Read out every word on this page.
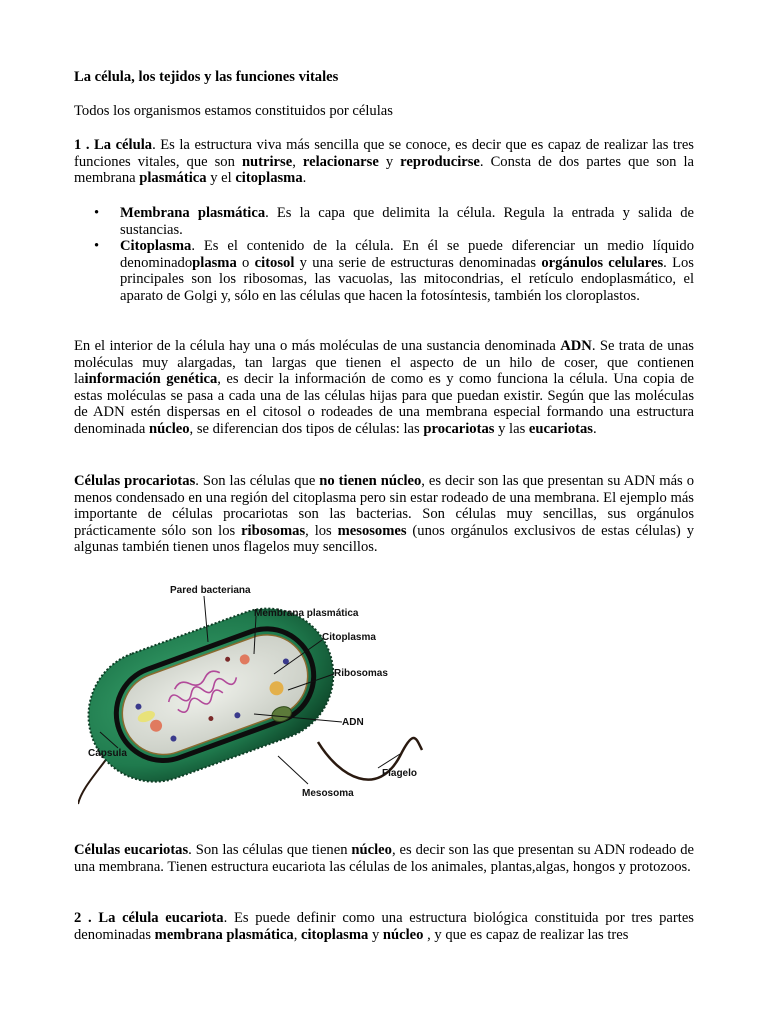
La célula, los tejidos y las funciones vitales

Todos los organismos estamos constituidos por células

1 . La célula. Es la estructura viva más sencilla que se conoce, es decir que es capaz de realizar las tres funciones vitales, que son nutrirse, relacionarse y reproducirse. Consta de dos partes que son la membrana plasmática y el citoplasma.

• Membrana plasmática. Es la capa que delimita la célula. Regula la entrada y salida de sustancias.
• Citoplasma. Es el contenido de la célula. En él se puede diferenciar un medio líquido denominadoplasma o citosol y una serie de estructuras denominadas orgánulos celulares. Los principales son los ribosomas, las vacuolas, las mitocondrias, el retículo endoplasmático, el aparato de Golgi y, sólo en las células que hacen la fotosíntesis, también los cloroplastos.

En el interior de la célula hay una o más moléculas de una sustancia denominada ADN. Se trata de unas moléculas muy alargadas, tan largas que tienen el aspecto de un hilo de coser, que contienen lainformación genética, es decir la información de como es y como funciona la célula. Una copia de estas moléculas se pasa a cada una de las células hijas para que puedan existir. Según que las moléculas de ADN estén dispersas en el citosol o rodeades de una membrana especial formando una estructura denominada núcleo, se diferencian dos tipos de células: las procariotas y las eucariotas.

Células procariotas. Son las células que no tienen núcleo, es decir son las que presentan su ADN más o menos condensado en una región del citoplasma pero sin estar rodeado de una membrana. El ejemplo más importante de células procariotas son las bacterias. Son células muy sencillas, sus orgánulos prácticamente sólo son los ribosomas, los mesosomes (unos orgánulos exclusivos de estas células) y algunas también tienen unos flagelos muy sencillos.

Pared bacteriana
Membrana plasmática
Citoplasma
Ribosomas
ADN
Cápsula
Flagelo
Mesosoma

Células eucariotas. Son las células que tienen núcleo, es decir son las que presentan su ADN rodeado de una membrana. Tienen estructura eucariota las células de los animales, plantas,algas, hongos y protozoos.

2 . La célula eucariota. Es puede definir como una estructura biológica constituida por tres partes denominadas membrana plasmática, citoplasma y núcleo , y que es capaz de realizar las tres
